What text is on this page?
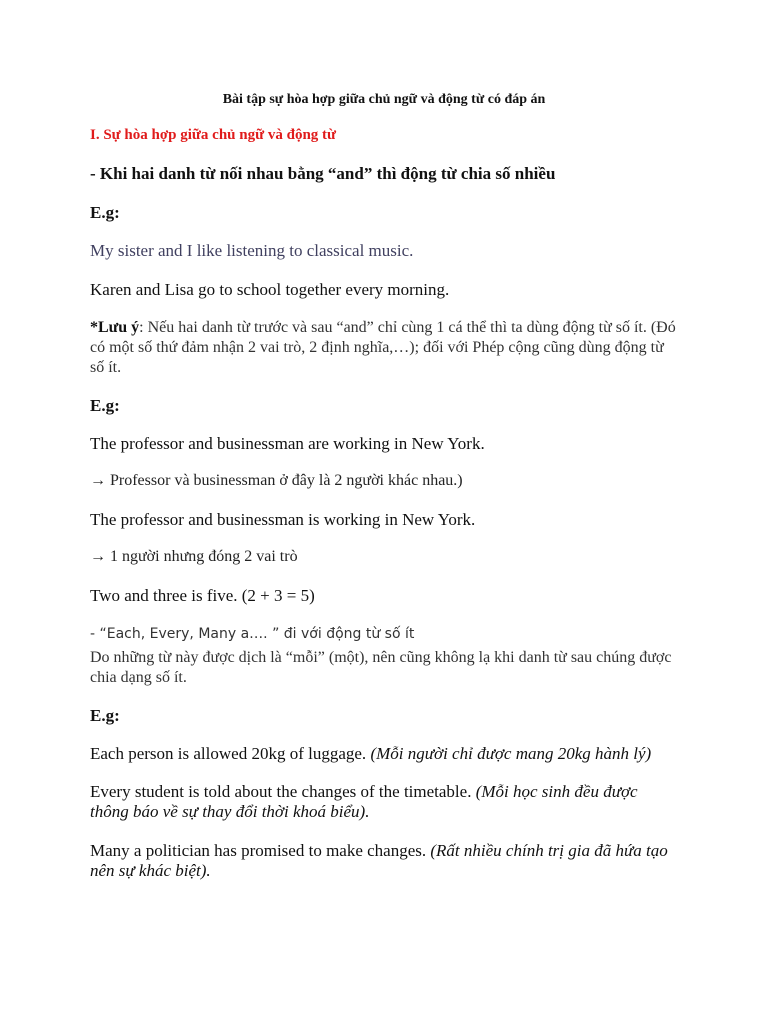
Bài tập sự hòa hợp giữa chủ ngữ và động từ có đáp án

I. Sự hòa hợp giữa chủ ngữ và động từ

- Khi hai danh từ nối nhau bằng “and” thì động từ chia số nhiều

E.g:

My sister and I like listening to classical music.

Karen and Lisa go to school together every morning.

*Lưu ý: Nếu hai danh từ trước và sau “and” chỉ cùng 1 cá thể thì ta dùng động từ số ít. (Đó có một số thứ đảm nhận 2 vai trò, 2 định nghĩa,…); đối với Phép cộng cũng dùng động từ số ít.

E.g:

The professor and businessman are working in New York.

→ Professor và businessman ở đây là 2 người khác nhau.)

The professor and businessman is working in New York.

→ 1 người nhưng đóng 2 vai trò

Two and three is five. (2 + 3 = 5)

- “Each, Every, Many a…. ” đi với động từ số ít

Do những từ này được dịch là “mỗi” (một), nên cũng không lạ khi danh từ sau chúng được chia dạng số ít.

E.g:

Each person is allowed 20kg of luggage. (Mỗi người chỉ được mang 20kg hành lý)

Every student is told about the changes of the timetable. (Mỗi học sinh đều được thông báo về sự thay đổi thời khoá biểu).

Many a politician has promised to make changes. (Rất nhiều chính trị gia đã hứa tạo nên sự khác biệt).
